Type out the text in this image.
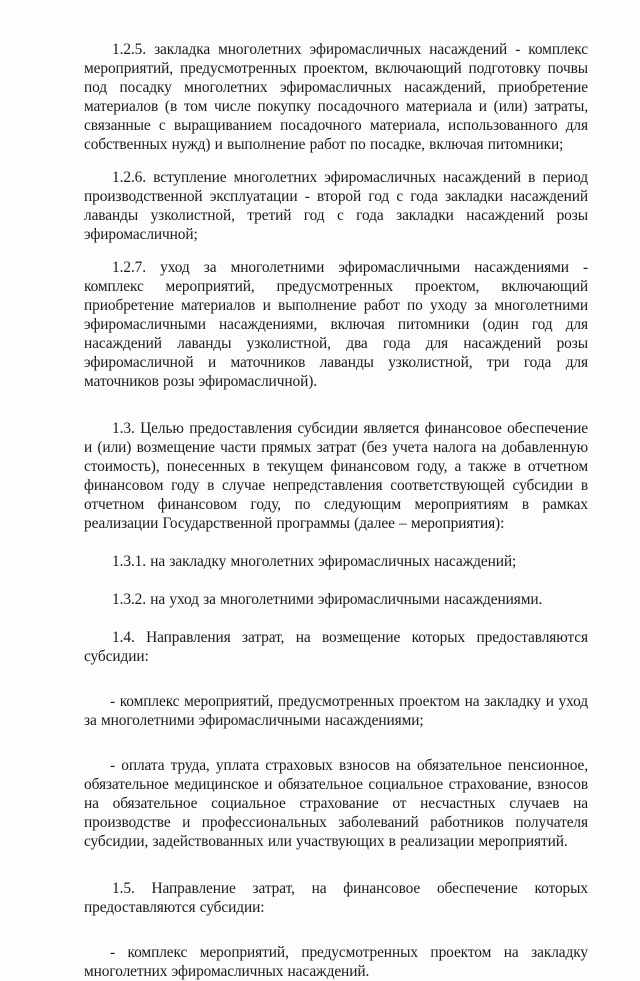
1.2.5. закладка многолетних эфиромасличных насаждений - комплекс мероприятий, предусмотренных проектом, включающий подготовку почвы под посадку многолетних эфиромасличных насаждений, приобретение материалов (в том числе покупку посадочного материала и (или) затраты, связанные с выращиванием посадочного материала, использованного для собственных нужд) и выполнение работ по посадке, включая питомники;

1.2.6. вступление многолетних эфиромасличных насаждений в период производственной эксплуатации - второй год с года закладки насаждений лаванды узколистной, третий год с года закладки насаждений розы эфиромасличной;

1.2.7. уход за многолетними эфиромасличными насаждениями - комплекс мероприятий, предусмотренных проектом, включающий приобретение материалов и выполнение работ по уходу за многолетними эфиромасличными насаждениями, включая питомники (один год для насаждений лаванды узколистной, два года для насаждений розы эфиромасличной и маточников лаванды узколистной, три года для маточников розы эфиромасличной).

1.3. Целью предоставления субсидии является финансовое обеспечение и (или) возмещение части прямых затрат (без учета налога на добавленную стоимость), понесенных в текущем финансовом году, а также в отчетном финансовом году в случае непредставления соответствующей субсидии в отчетном финансовом году, по следующим мероприятиям в рамках реализации Государственной программы (далее – мероприятия):

1.3.1. на закладку многолетних эфиромасличных насаждений;

1.3.2. на уход за многолетними эфиромасличными насаждениями.

1.4. Направления затрат, на возмещение которых предоставляются субсидии:

- комплекс мероприятий, предусмотренных проектом на закладку и уход за многолетними эфиромасличными насаждениями;

- оплата труда, уплата страховых взносов на обязательное пенсионное, обязательное медицинское и обязательное социальное страхование, взносов на обязательное социальное страхование от несчастных случаев на производстве и профессиональных заболеваний работников получателя субсидии, задействованных или участвующих в реализации мероприятий.

1.5. Направление затрат, на финансовое обеспечение которых предоставляются субсидии:

- комплекс мероприятий, предусмотренных проектом на закладку многолетних эфиромасличных насаждений.
